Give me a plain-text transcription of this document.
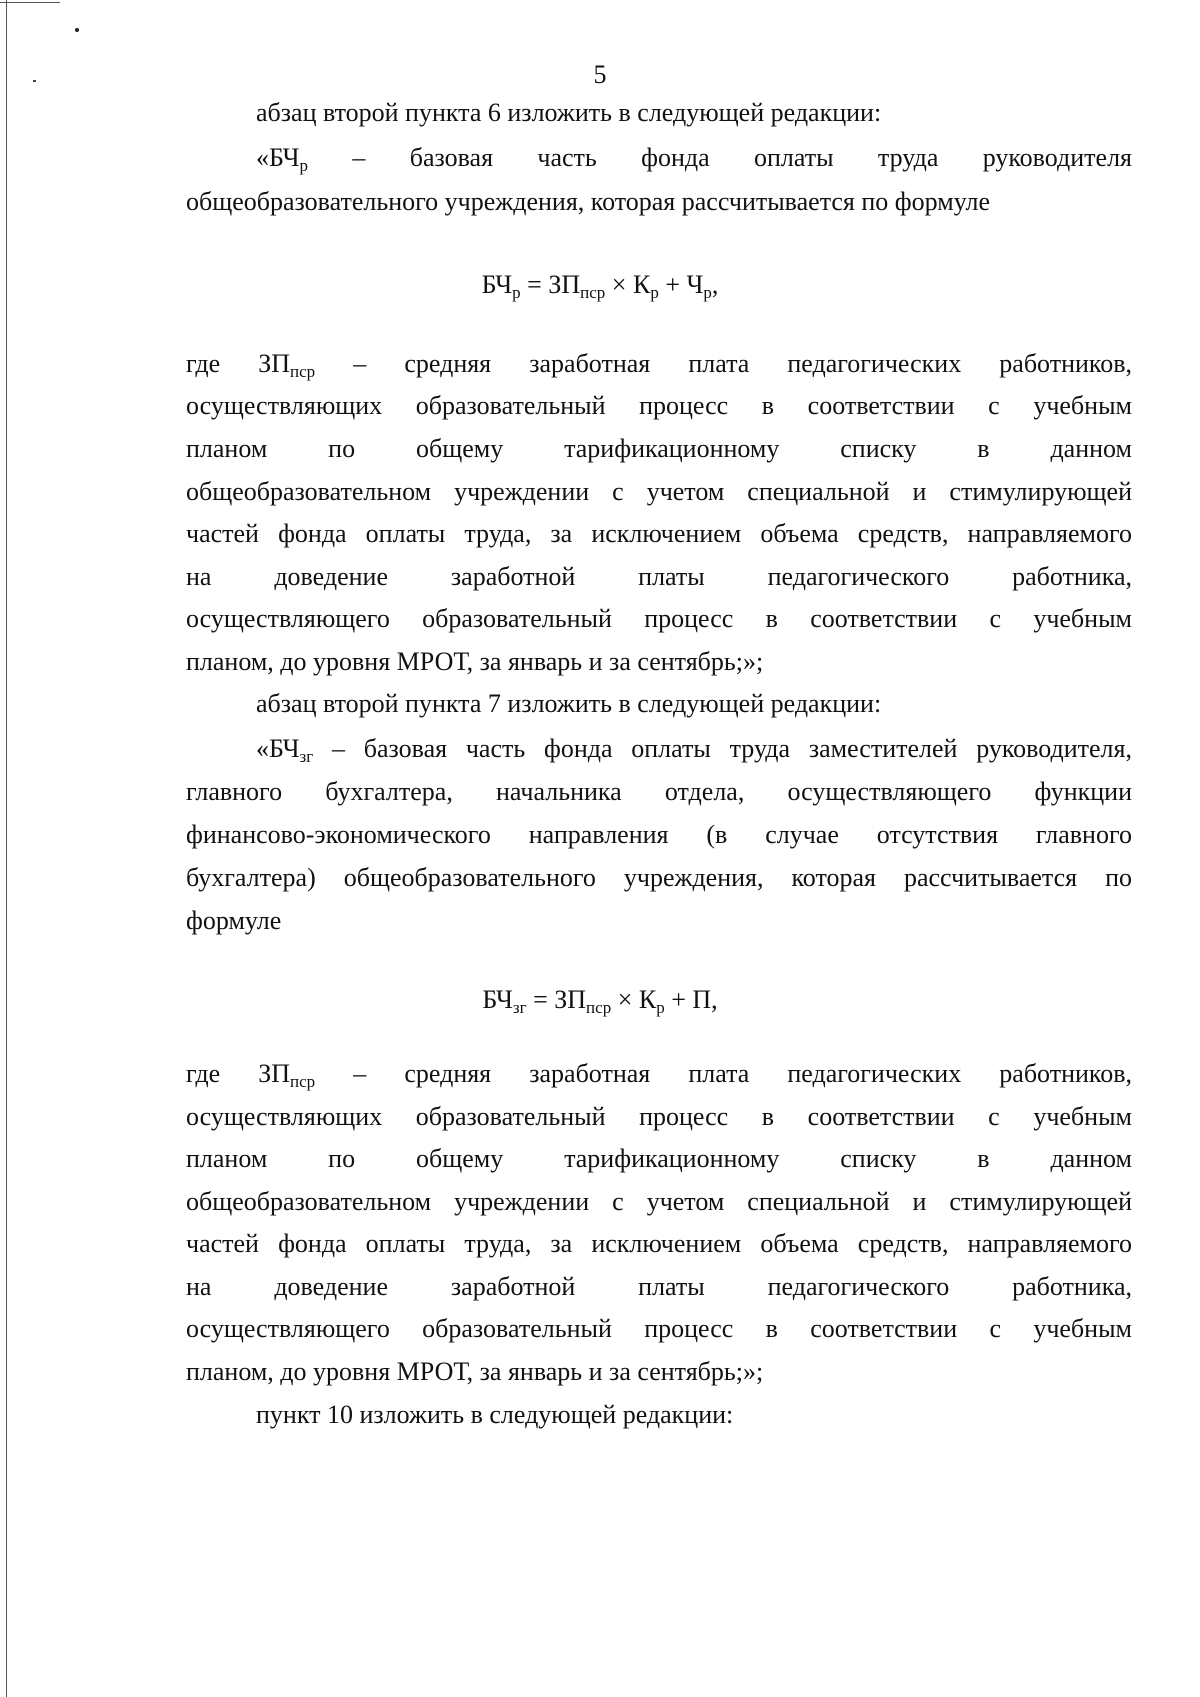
5
абзац второй пункта 6 изложить в следующей редакции:
«$БЧ_р$ – базовая часть фонда оплаты труда руководителя
общеобразовательного учреждения, которая рассчитывается по формуле
$БЧ_р = ЗП_{пср} \times К_р + Ч_р$,
где $ЗП_{пср}$ – средняя заработная плата педагогических работников,
осуществляющих образовательный процесс в соответствии с учебным
планом по общему тарификационному списку в данном
общеобразовательном учреждении с учетом специальной и стимулирующей
частей фонда оплаты труда, за исключением объема средств, направляемого
на доведение заработной платы педагогического работника,
осуществляющего образовательный процесс в соответствии с учебным
планом, до уровня МРОТ, за январь и за сентябрь;»;
абзац второй пункта 7 изложить в следующей редакции:
«$БЧ_{зг}$ – базовая часть фонда оплаты труда заместителей руководителя,
главного бухгалтера, начальника отдела, осуществляющего функции
финансово-экономического направления (в случае отсутствия главного
бухгалтера) общеобразовательного учреждения, которая рассчитывается по
формуле
$БЧ_{зг} = ЗП_{пср} \times К_р + П$,
где $ЗП_{пср}$ – средняя заработная плата педагогических работников,
осуществляющих образовательный процесс в соответствии с учебным
планом по общему тарификационному списку в данном
общеобразовательном учреждении с учетом специальной и стимулирующей
частей фонда оплаты труда, за исключением объема средств, направляемого
на доведение заработной платы педагогического работника,
осуществляющего образовательный процесс в соответствии с учебным
планом, до уровня МРОТ, за январь и за сентябрь;»;
пункт 10 изложить в следующей редакции:
